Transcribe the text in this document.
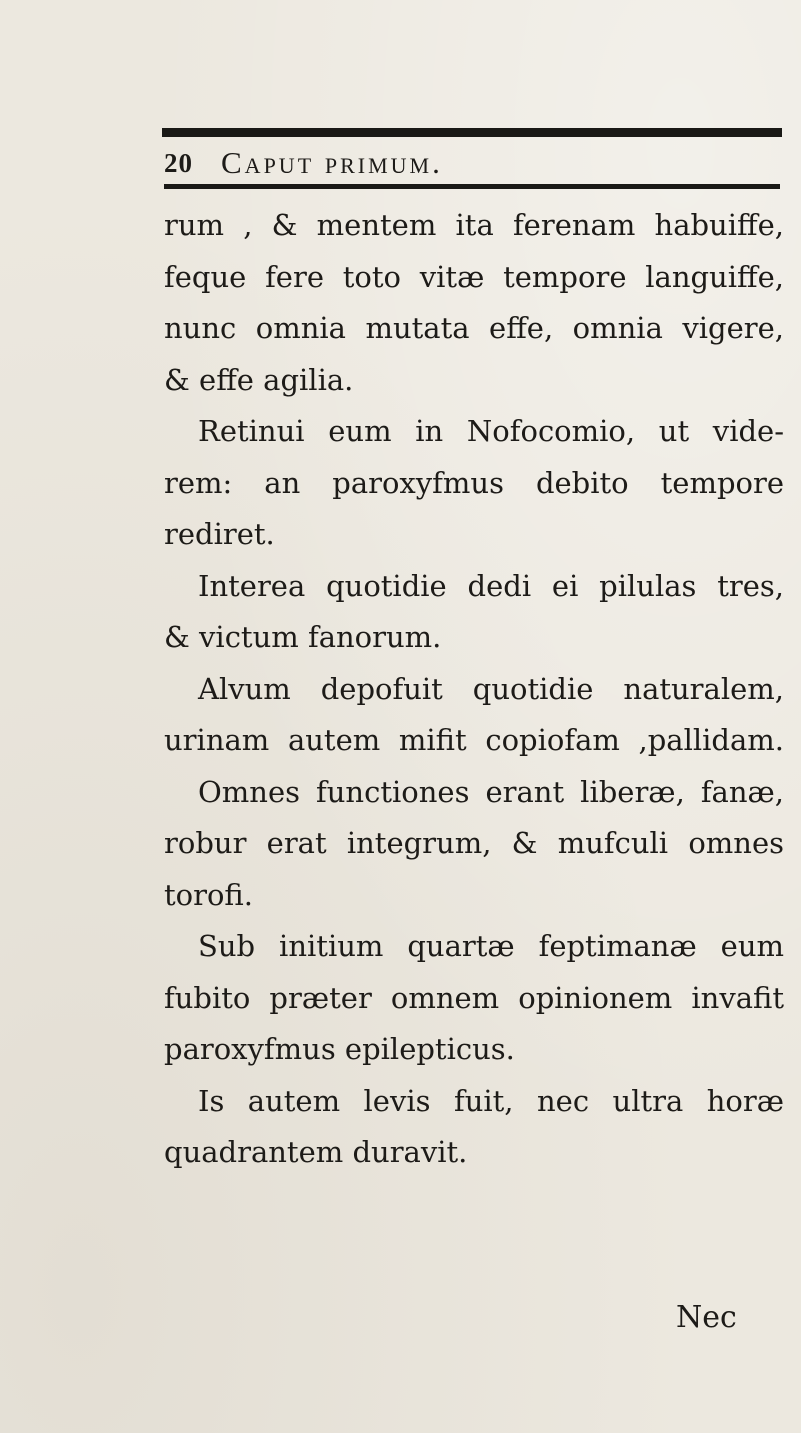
20 Caput primum.
rum , & mentem ita ferenam habuiffe,
feque fere toto vitæ tempore languiffe,
nunc omnia mutata effe, omnia vigere,
& effe agilia.
Retinui eum in Nofocomio, ut vide-
rem: an paroxyfmus debito tempore
rediret.
Interea quotidie dedi ei pilulas tres,
& victum fanorum.
Alvum depofuit quotidie naturalem,
urinam autem mifit copiofam ,pallidam.
Omnes functiones erant liberæ, fanæ,
robur erat integrum, & mufculi omnes
torofi.
Sub initium quartæ feptimanæ eum
fubito præter omnem opinionem invafit
paroxyfmus epilepticus.
Is autem levis fuit, nec ultra horæ
quadrantem duravit.
Nec
